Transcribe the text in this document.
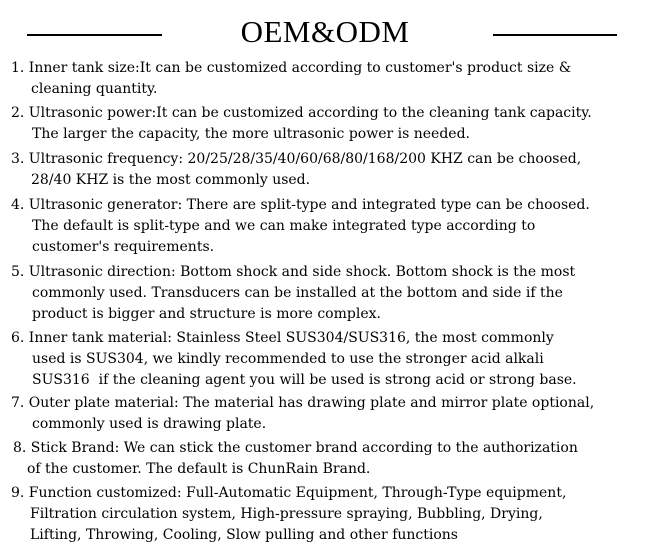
OEM&ODM
1. Inner tank size:It can be customized according to customer's product size &
cleaning quantity.
2. Ultrasonic power:It can be customized according to the cleaning tank capacity.
The larger the capacity, the more ultrasonic power is needed.
3. Ultrasonic frequency: 20/25/28/35/40/60/68/80/168/200 KHZ can be choosed,
28/40 KHZ is the most commonly used.
4. Ultrasonic generator: There are split-type and integrated type can be choosed.
The default is split-type and we can make integrated type according to
customer's requirements.
5. Ultrasonic direction: Bottom shock and side shock. Bottom shock is the most
commonly used. Transducers can be installed at the bottom and side if the
product is bigger and structure is more complex.
6. Inner tank material: Stainless Steel SUS304/SUS316, the most commonly
used is SUS304, we kindly recommended to use the stronger acid alkali
SUS316  if the cleaning agent you will be used is strong acid or strong base.
7. Outer plate material: The material has drawing plate and mirror plate optional,
commonly used is drawing plate.
8. Stick Brand: We can stick the customer brand according to the authorization
of the customer. The default is ChunRain Brand.
9. Function customized: Full-Automatic Equipment, Through-Type equipment,
Filtration circulation system, High-pressure spraying, Bubbling, Drying,
Lifting, Throwing, Cooling, Slow pulling and other functions
